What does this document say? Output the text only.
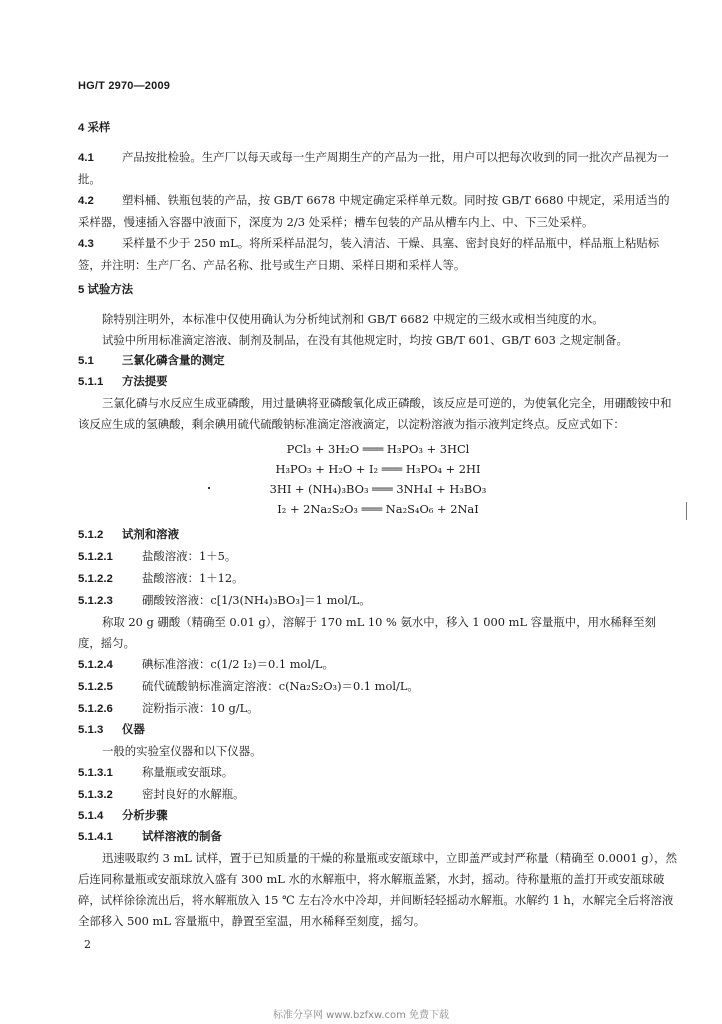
HG/T 2970—2009
4 采样
4.1 产品按批检验。生产厂以每天或每一生产周期生产的产品为一批，用户可以把每次收到的同一批次产品视为一批。
4.2 塑料桶、铁瓶包装的产品，按 GB/T 6678 中规定确定采样单元数。同时按 GB/T 6680 中规定，采用适当的采样器，慢速插入容器中液面下，深度为 2/3 处采样；槽车包装的产品从槽车内上、中、下三处采样。
4.3 采样量不少于 250 mL。将所采样品混匀，装入清洁、干燥、具塞、密封良好的样品瓶中，样品瓶上粘贴标签，并注明：生产厂名、产品名称、批号或生产日期、采样日期和采样人等。
5 试验方法
除特别注明外，本标准中仅使用确认为分析纯试剂和 GB/T 6682 中规定的三级水或相当纯度的水。
试验中所用标准滴定溶液、制剂及制品，在没有其他规定时，均按 GB/T 601、GB/T 603 之规定制备。
5.1 三氯化磷含量的测定
5.1.1 方法提要
三氯化磷与水反应生成亚磷酸，用过量碘将亚磷酸氧化成正磷酸，该反应是可逆的，为使氧化完全，用硼酸铵中和该反应生成的氢碘酸，剩余碘用硫代硫酸钠标准滴定溶液滴定，以淀粉溶液为指示液判定终点。反应式如下：
PCl₃ + 3H₂O ═══ H₃PO₃ + 3HCl
H₃PO₃ + H₂O + I₂ ═══ H₃PO₄ + 2HI
3HI + (NH₄)₃BO₃ ═══ 3NH₄I + H₃BO₃
I₂ + 2Na₂S₂O₃ ═══ Na₂S₄O₆ + 2NaI
5.1.2 试剂和溶液
5.1.2.1	盐酸溶液：1＋5。
5.1.2.2	盐酸溶液：1＋12。
5.1.2.3	硼酸铵溶液：c[1/3(NH₄)₃BO₃]＝1 mol/L。
称取 20 g 硼酸（精确至 0.01 g），溶解于 170 mL 10 % 氨水中，移入 1 000 mL 容量瓶中，用水稀释至刻度，摇匀。
5.1.2.4	碘标准溶液：c(1/2 I₂)＝0.1 mol/L。
5.1.2.5	硫代硫酸钠标准滴定溶液：c(Na₂S₂O₃)＝0.1 mol/L。
5.1.2.6	淀粉指示液：10 g/L。
5.1.3 仪器
一般的实验室仪器和以下仪器。
5.1.3.1	称量瓶或安瓿球。
5.1.3.2	密封良好的水解瓶。
5.1.4 分析步骤
5.1.4.1	试样溶液的制备
迅速吸取约 3 mL 试样，置于已知质量的干燥的称量瓶或安瓿球中，立即盖严或封严称量（精确至 0.0001 g），然后连同称量瓶或安瓿球放入盛有 300 mL 水的水解瓶中，将水解瓶盖紧，水封，摇动。待称量瓶的盖打开或安瓿球破碎，试样徐徐流出后，将水解瓶放入 15 ℃ 左右冷水中冷却，并间断轻轻摇动水解瓶。水解约 1 h，水解完全后将溶液全部移入 500 mL 容量瓶中，静置至室温，用水稀释至刻度，摇匀。
2
标准分享网 www.bzfxw.com 免费下载
